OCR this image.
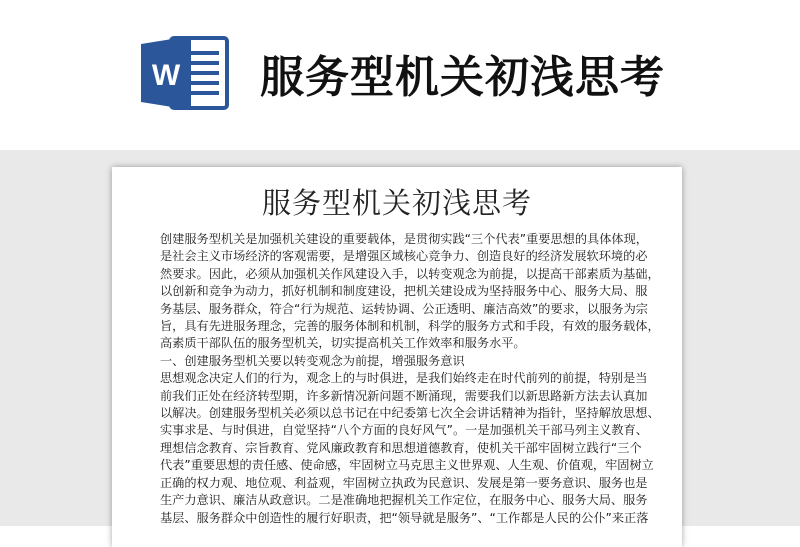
W 服务型机关初浅思考
服务型机关初浅思考
创建服务型机关是加强机关建设的重要载体，是贯彻实践“三个代表”重要思想的具体体现，
是社会主义市场经济的客观需要，是增强区域核心竞争力、创造良好的经济发展软环境的必
然要求。因此，必须从加强机关作风建设入手，以转变观念为前提，以提高干部素质为基础，
以创新和竞争为动力，抓好机制和制度建设，把机关建设成为坚持服务中心、服务大局、服
务基层、服务群众，符合“行为规范、运转协调、公正透明、廉洁高效”的要求，以服务为宗
旨，具有先进服务理念，完善的服务体制和机制，科学的服务方式和手段，有效的服务载体，
高素质干部队伍的服务型机关，切实提高机关工作效率和服务水平。
一、创建服务型机关要以转变观念为前提，增强服务意识
思想观念决定人们的行为，观念上的与时俱进，是我们始终走在时代前列的前提，特别是当
前我们正处在经济转型期，许多新情况新问题不断涌现，需要我们以新思路新方法去认真加
以解决。创建服务型机关必须以总书记在中纪委第七次全会讲话精神为指针，坚持解放思想、
实事求是、与时俱进，自觉坚持“八个方面的良好风气”。一是加强机关干部马列主义教育、
理想信念教育、宗旨教育、党风廉政教育和思想道德教育，使机关干部牢固树立践行“三个
代表”重要思想的责任感、使命感，牢固树立马克思主义世界观、人生观、价值观，牢固树立
正确的权力观、地位观、利益观，牢固树立执政为民意识、发展是第一要务意识、服务也是
生产力意识、廉洁从政意识。二是准确地把握机关工作定位，在服务中心、服务大局、服务
基层、服务群众中创造性的履行好职责，把“领导就是服务”、“工作都是人民的公仆”来正落
